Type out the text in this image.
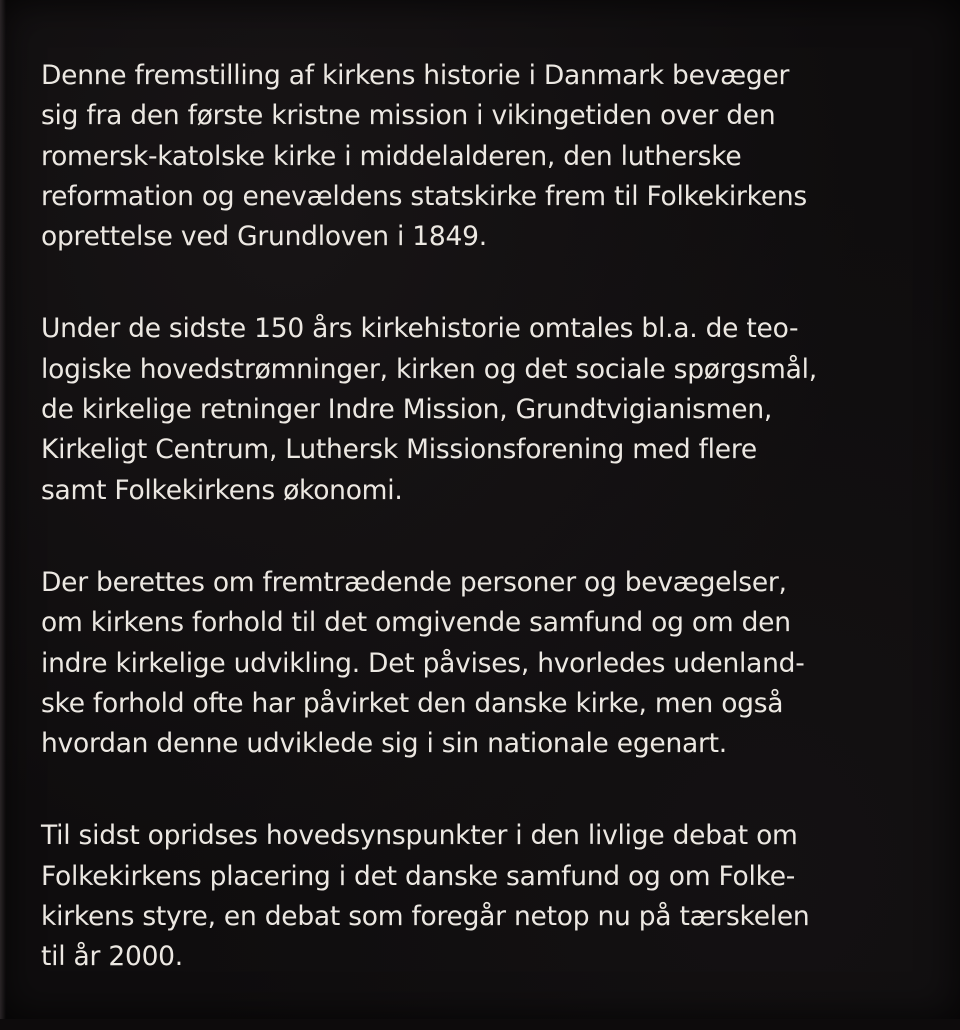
Denne fremstilling af kirkens historie i Danmark bevæger
sig fra den første kristne mission i vikingetiden over den
romersk-katolske kirke i middelalderen, den lutherske
reformation og enevældens statskirke frem til Folkekirkens
oprettelse ved Grundloven i 1849.

Under de sidste 150 års kirkehistorie omtales bl.a. de teo-
logiske hovedstrømninger, kirken og det sociale spørgsmål,
de kirkelige retninger Indre Mission, Grundtvigianismen,
Kirkeligt Centrum, Luthersk Missionsforening med flere
samt Folkekirkens økonomi.

Der berettes om fremtrædende personer og bevægelser,
om kirkens forhold til det omgivende samfund og om den
indre kirkelige udvikling. Det påvises, hvorledes udenland-
ske forhold ofte har påvirket den danske kirke, men også
hvordan denne udviklede sig i sin nationale egenart.

Til sidst opridses hovedsynspunkter i den livlige debat om
Folkekirkens placering i det danske samfund og om Folke-
kirkens styre, en debat som foregår netop nu på tærskelen
til år 2000.
